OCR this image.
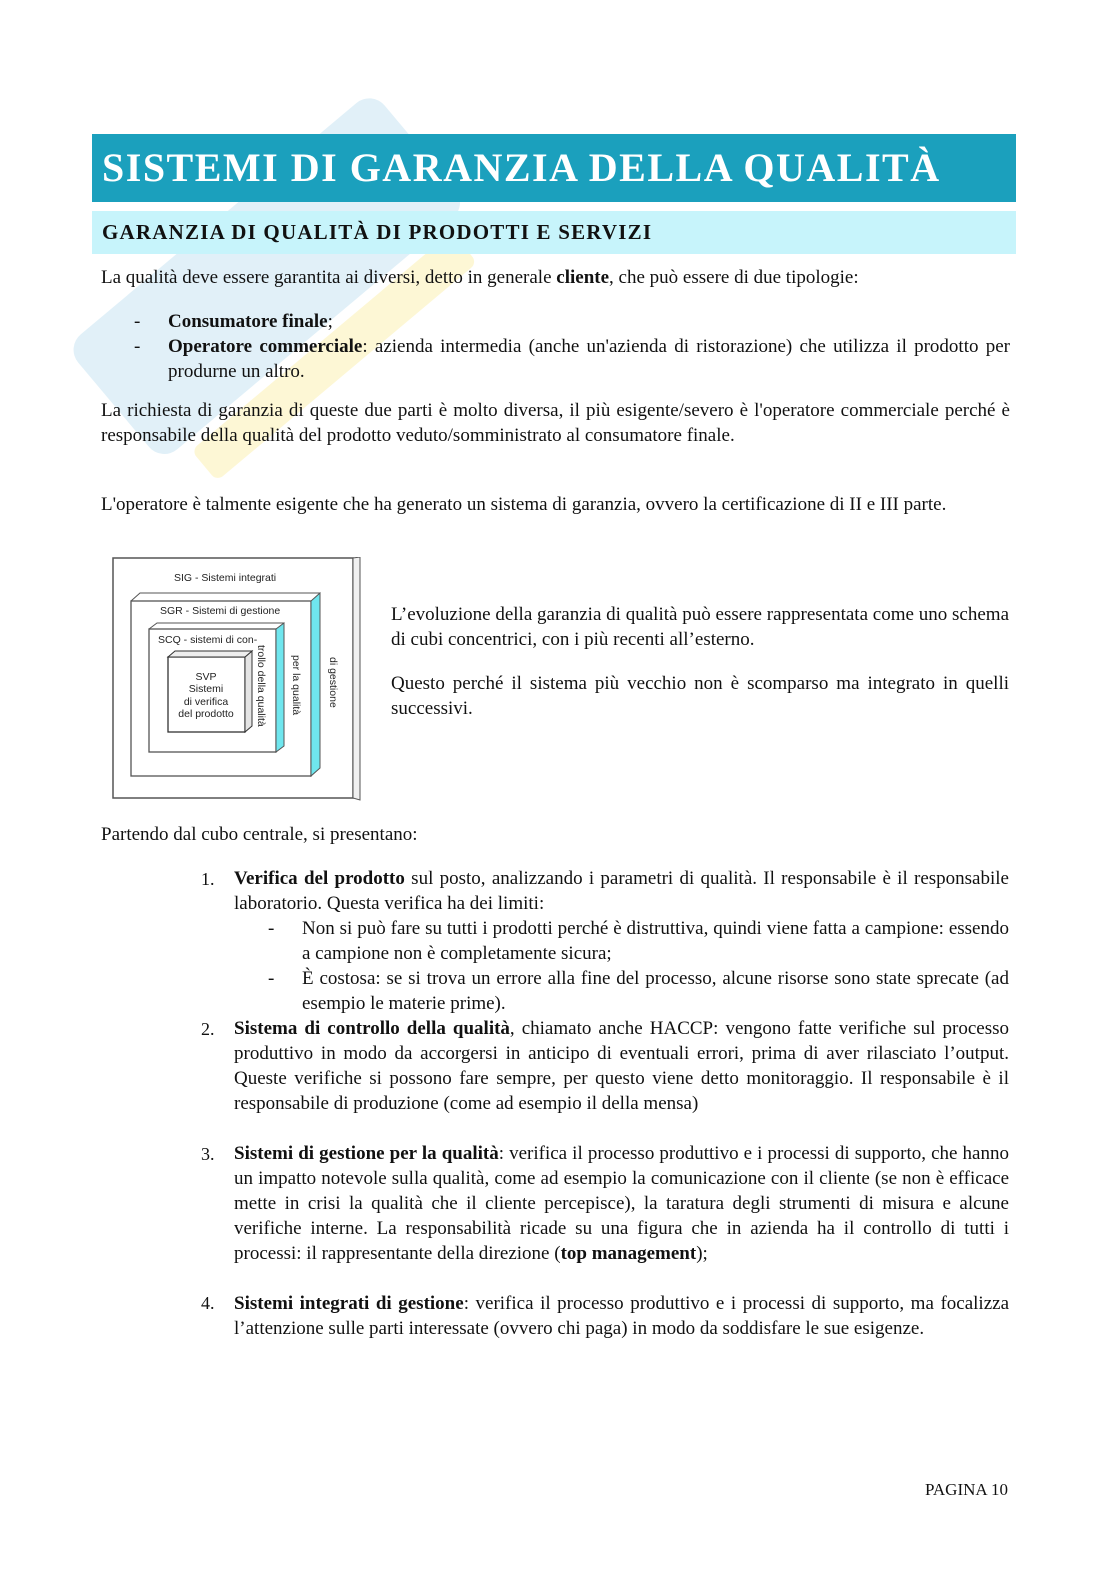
SISTEMI DI GARANZIA DELLA QUALITÀ
GARANZIA DI QUALITÀ DI PRODOTTI E SERVIZI
La qualità deve essere garantita ai diversi, detto in generale cliente, che può essere di due tipologie:
- Consumatore finale;
- Operatore commerciale: azienda intermedia (anche un'azienda di ristorazione) che utilizza il prodotto per produrne un altro.
La richiesta di garanzia di queste due parti è molto diversa, il più esigente/severo è l'operatore commerciale perché è responsabile della qualità del prodotto veduto/somministrato al consumatore finale.
L'operatore è talmente esigente che ha generato un sistema di garanzia, ovvero la certificazione di II e III parte.
SIG - Sistemi integrati
SGR - Sistemi di gestione
SCQ - sistemi di con-
SVP
Sistemi
di verifica
del prodotto trollo della qualità per la qualità di gestione
L’evoluzione della garanzia di qualità può essere rappresentata come uno schema di cubi concentrici, con i più recenti all’esterno.
Questo perché il sistema più vecchio non è scomparso ma integrato in quelli successivi.
Partendo dal cubo centrale, si presentano:
1. Verifica del prodotto sul posto, analizzando i parametri di qualità. Il responsabile è il responsabile laboratorio. Questa verifica ha dei limiti:
- Non si può fare su tutti i prodotti perché è distruttiva, quindi viene fatta a campione: essendo a campione non è completamente sicura;
- È costosa: se si trova un errore alla fine del processo, alcune risorse sono state sprecate (ad esempio le materie prime).
2. Sistema di controllo della qualità, chiamato anche HACCP: vengono fatte verifiche sul processo produttivo in modo da accorgersi in anticipo di eventuali errori, prima di aver rilasciato l’output. Queste verifiche si possono fare sempre, per questo viene detto monitoraggio. Il responsabile è il responsabile di produzione (come ad esempio il della mensa)
3. Sistemi di gestione per la qualità: verifica il processo produttivo e i processi di supporto, che hanno un impatto notevole sulla qualità, come ad esempio la comunicazione con il cliente (se non è efficace mette in crisi la qualità che il cliente percepisce), la taratura degli strumenti di misura e alcune verifiche interne. La responsabilità ricade su una figura che in azienda ha il controllo di tutti i processi: il rappresentante della direzione (top management);
4. Sistemi integrati di gestione: verifica il processo produttivo e i processi di supporto, ma focalizza l’attenzione sulle parti interessate (ovvero chi paga) in modo da soddisfare le sue esigenze.
PAGINA 10
